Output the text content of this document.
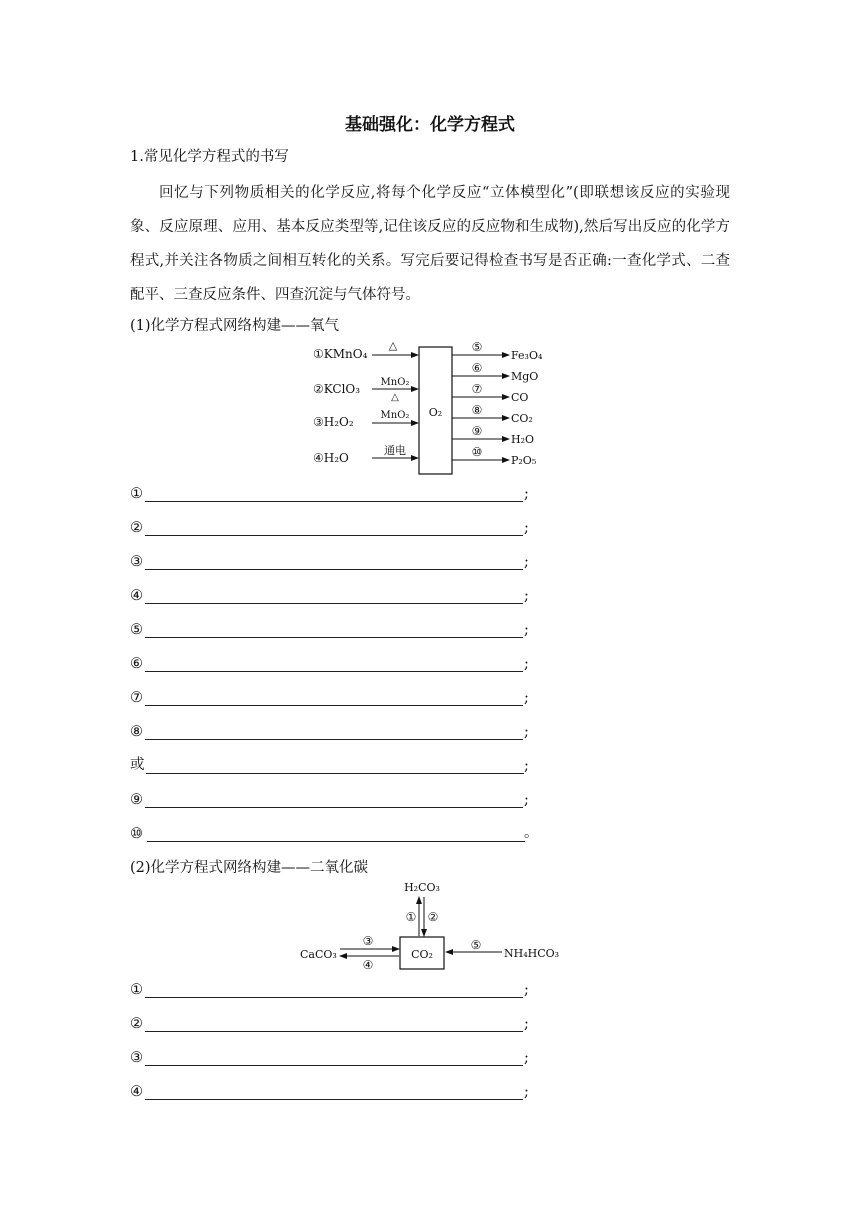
基础强化：化学方程式
1.常见化学方程式的书写
回忆与下列物质相关的化学反应,将每个化学反应“立体模型化”(即联想该反应的实验现象、反应原理、应用、基本反应类型等,记住该反应的反应物和生成物),然后写出反应的化学方程式,并关注各物质之间相互转化的关系。写完后要记得检查书写是否正确:一查化学式、二查配平、三查反应条件、四查沉淀与气体符号。
(1)化学方程式网络构建——氧气
O₂
①KMnO₄
△
②KClO₃ MnO₂
△
③H₂O₂	MnO₂
④H₂O
通电
⑤
Fe₃O₄
⑥
MgO
⑦
CO
⑧
CO₂
⑨
H₂O
⑩
P₂O₅
①	;
②	;
③	;
④	;
⑤	;
⑥	;
⑦	;
⑧	;
或	;
⑨	;
⑩	。
(2)化学方程式网络构建——二氧化碳
H₂CO₃
① ②
CO₂
CaCO₃
③
④
⑤
NH₄HCO₃
①	;
②	;
③	;
④	;
